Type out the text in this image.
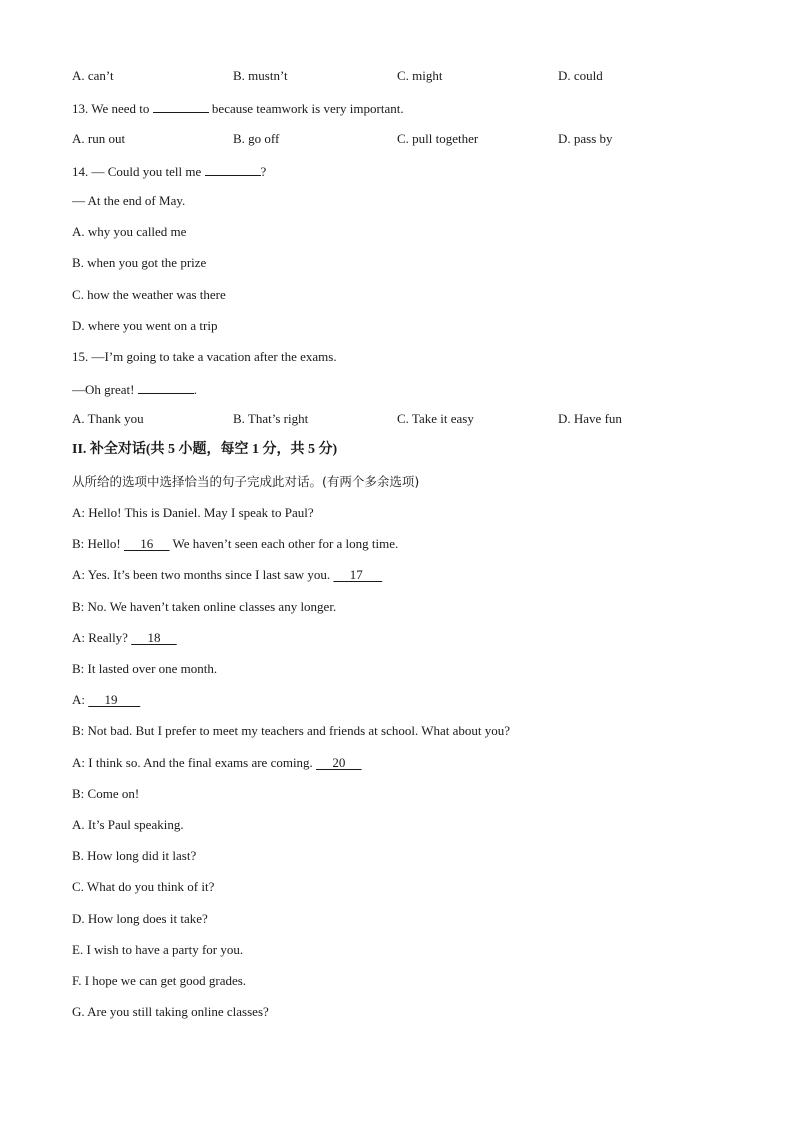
A. can’t	B. mustn’t	C. might	D. could
13. We need to	because teamwork is very important.
A. run out	B. go off	C. pull together	D. pass by
14. — Could you tell me	?
— At the end of May.
A. why you called me
B. when you got the prize
C. how the weather was there
D. where you went on a trip
15. —I’m going to take a vacation after the exams.
—Oh great!	.
A. Thank you	B. That’s right	C. Take it easy	D. Have fun
II. 补全对话(共 5 小题，每空 1 分，共 5 分)
从所给的选项中选择恰当的句子完成此对话。(有两个多余选项)
A: Hello! This is Daniel. May I speak to Paul?
B: Hello!      16      We haven’t seen each other for a long time.
A: Yes. It’s been two months since I last saw you.      17
B: No. We haven’t taken online classes any longer.
A: Really?      18
B: It lasted over one month.
A:      19
B: Not bad. But I prefer to meet my teachers and friends at school. What about you?
A: I think so. And the final exams are coming.      20
B: Come on!
A. It’s Paul speaking.
B. How long did it last?
C. What do you think of it?
D. How long does it take?
E. I wish to have a party for you.
F. I hope we can get good grades.
G. Are you still taking online classes?
